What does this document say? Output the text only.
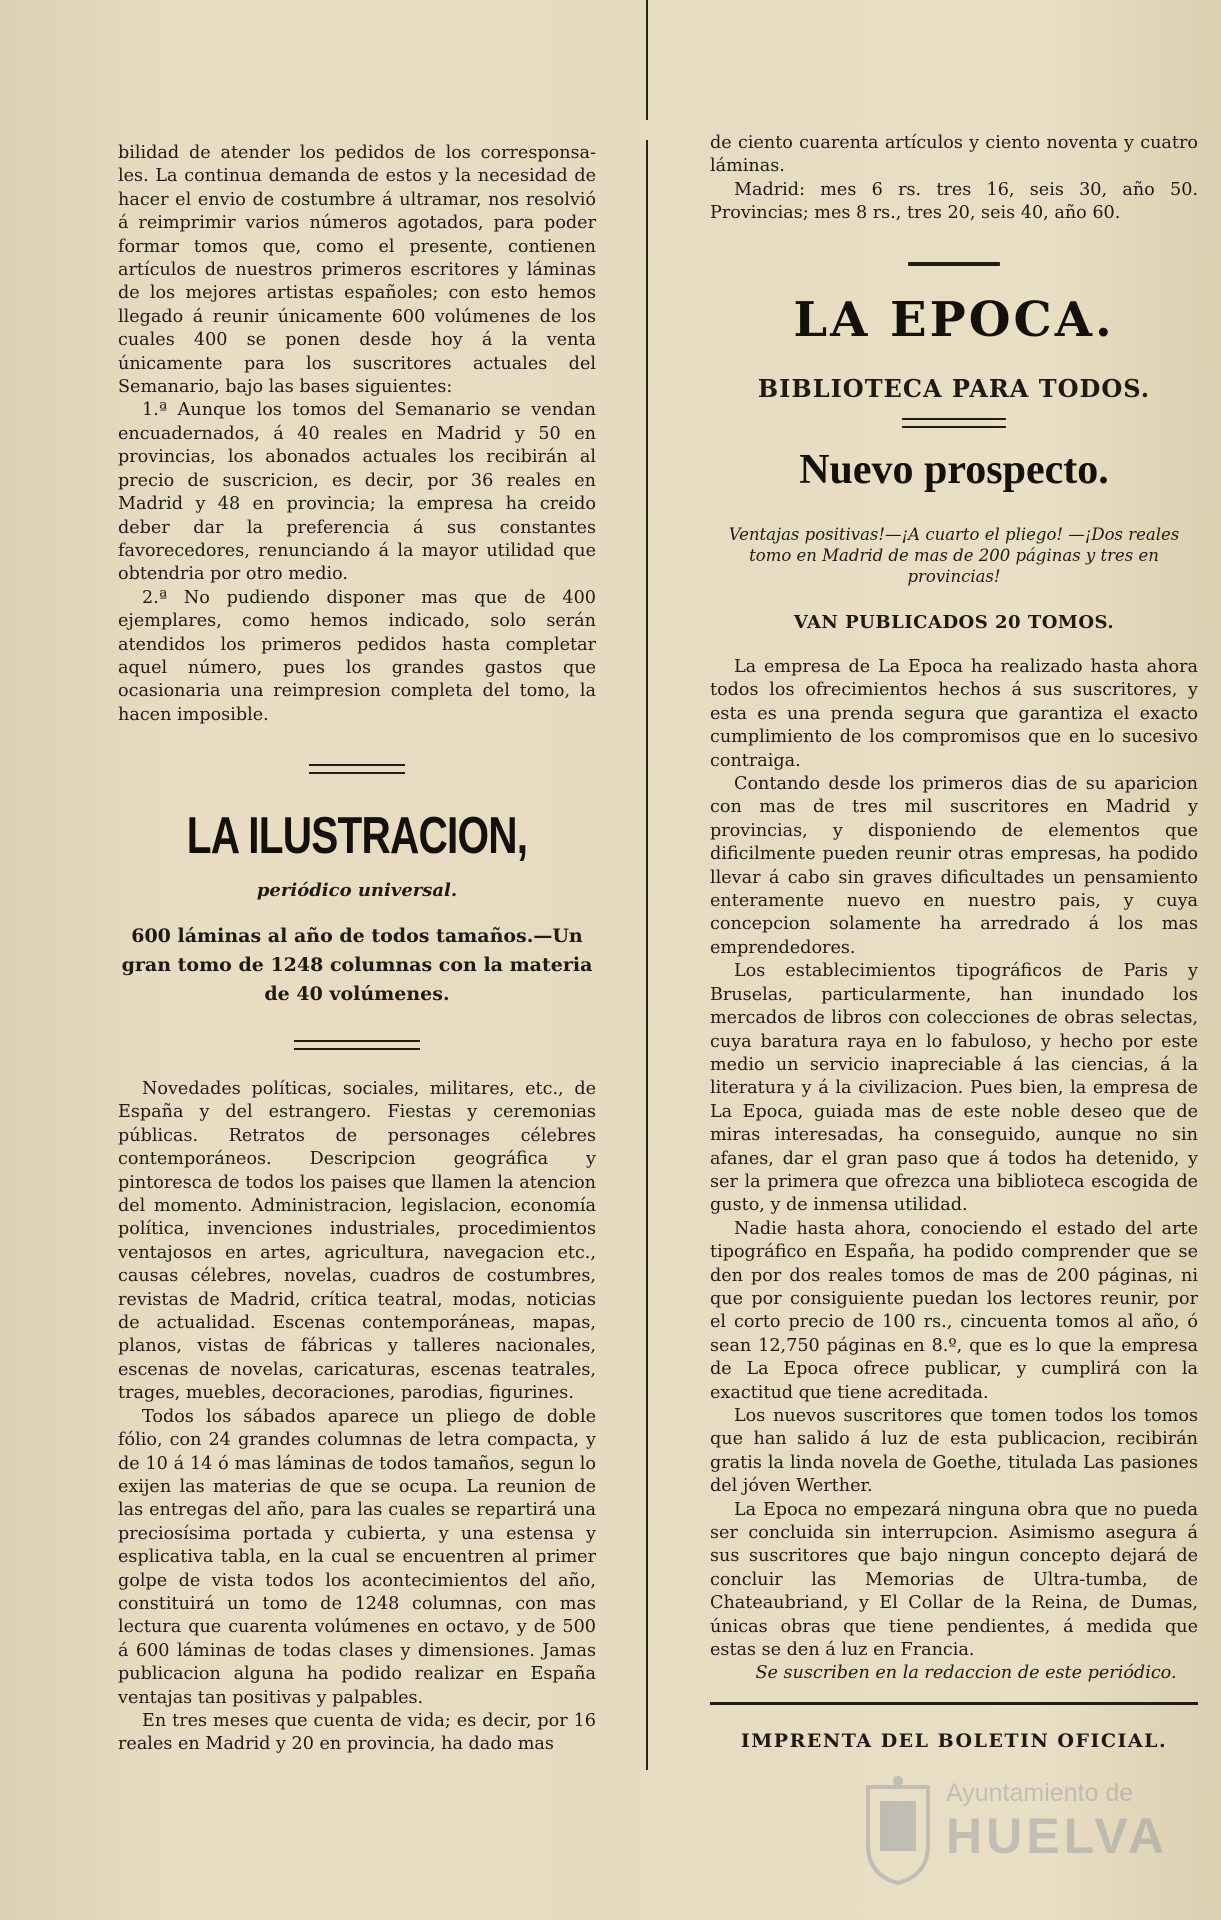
bilidad de atender los pedidos de los corresponsa-les. La continua demanda de estos y la necesidad de hacer el envio de costumbre á ultramar, nos resolvió á reimprimir varios números agotados, para poder formar tomos que, como el presente, contienen artículos de nuestros primeros escritores y láminas de los mejores artistas españoles; con esto hemos llegado á reunir únicamente 600 volúmenes de los cuales 400 se ponen desde hoy á la venta únicamente para los suscritores actuales del Semanario, bajo las bases siguientes:

1.ª Aunque los tomos del Semanario se vendan encuadernados, á 40 reales en Madrid y 50 en provincias, los abonados actuales los recibirán al precio de suscricion, es decir, por 36 reales en Madrid y 48 en provincia; la empresa ha creido deber dar la preferencia á sus constantes favorecedores, renunciando á la mayor utilidad que obtendria por otro medio.

2.ª No pudiendo disponer mas que de 400 ejemplares, como hemos indicado, solo serán atendidos los primeros pedidos hasta completar aquel número, pues los grandes gastos que ocasionaria una reimpresion completa del tomo, la hacen imposible.

LA ILUSTRACION,
periódico universal.

600 láminas al año de todos tamaños.—Un gran tomo de 1248 columnas con la materia de 40 volúmenes.

Novedades políticas, sociales, militares, etc., de España y del estrangero. Fiestas y ceremonias públicas. Retratos de personages célebres contemporáneos. Descripcion geográfica y pintoresca de todos los paises que llamen la atencion del momento. Administracion, legislacion, economía política, invenciones industriales, procedimientos ventajosos en artes, agricultura, navegacion etc., causas célebres, novelas, cuadros de costumbres, revistas de Madrid, crítica teatral, modas, noticias de actualidad. Escenas contemporáneas, mapas, planos, vistas de fábricas y talleres nacionales, escenas de novelas, caricaturas, escenas teatrales, trages, muebles, decoraciones, parodias, figurines.

Todos los sábados aparece un pliego de doble fólio, con 24 grandes columnas de letra compacta, y de 10 á 14 ó mas láminas de todos tamaños, segun lo exijen las materias de que se ocupa. La reunion de las entregas del año, para las cuales se repartirá una preciosísima portada y cubierta, y una estensa y esplicativa tabla, en la cual se encuentren al primer golpe de vista todos los acontecimientos del año, constituirá un tomo de 1248 columnas, con mas lectura que cuarenta volúmenes en octavo, y de 500 á 600 láminas de todas clases y dimensiones. Jamas publicacion alguna ha podido realizar en España ventajas tan positivas y palpables.

En tres meses que cuenta de vida; es decir, por 16 reales en Madrid y 20 en provincia, ha dado mas

de ciento cuarenta artículos y ciento noventa y cuatro láminas.

Madrid: mes 6 rs. tres 16, seis 30, año 50. Provincias; mes 8 rs., tres 20, seis 40, año 60.

LA EPOCA.
BIBLIOTECA PARA TODOS.
Nuevo prospecto.

Ventajas positivas!—¡A cuarto el pliego! —¡Dos reales tomo en Madrid de mas de 200 páginas y tres en provincias!

VAN PUBLICADOS 20 TOMOS.

La empresa de La Epoca ha realizado hasta ahora todos los ofrecimientos hechos á sus suscritores, y esta es una prenda segura que garantiza el exacto cumplimiento de los compromisos que en lo sucesivo contraiga.

Contando desde los primeros dias de su aparicion con mas de tres mil suscritores en Madrid y provincias, y disponiendo de elementos que dificilmente pueden reunir otras empresas, ha podido llevar á cabo sin graves dificultades un pensamiento enteramente nuevo en nuestro pais, y cuya concepcion solamente ha arredrado á los mas emprendedores.

Los establecimientos tipográficos de Paris y Bruselas, particularmente, han inundado los mercados de libros con colecciones de obras selectas, cuya baratura raya en lo fabuloso, y hecho por este medio un servicio inapreciable á las ciencias, á la literatura y á la civilizacion. Pues bien, la empresa de La Epoca, guiada mas de este noble deseo que de miras interesadas, ha conseguido, aunque no sin afanes, dar el gran paso que á todos ha detenido, y ser la primera que ofrezca una biblioteca escogida de gusto, y de inmensa utilidad.

Nadie hasta ahora, conociendo el estado del arte tipográfico en España, ha podido comprender que se den por dos reales tomos de mas de 200 páginas, ni que por consiguiente puedan los lectores reunir, por el corto precio de 100 rs., cincuenta tomos al año, ó sean 12,750 páginas en 8.º, que es lo que la empresa de La Epoca ofrece publicar, y cumplirá con la exactitud que tiene acreditada.

Los nuevos suscritores que tomen todos los tomos que han salido á luz de esta publicacion, recibirán gratis la linda novela de Goethe, titulada Las pasiones del jóven Werther.

La Epoca no empezará ninguna obra que no pueda ser concluida sin interrupcion. Asimismo asegura á sus suscritores que bajo ningun concepto dejará de concluir las Memorias de Ultra-tumba, de Chateaubriand, y El Collar de la Reina, de Dumas, únicas obras que tiene pendientes, á medida que estas se den á luz en Francia.

Se suscriben en la redaccion de este periódico.

IMPRENTA DEL BOLETIN OFICIAL.
Ayuntamiento de
HUELVA
